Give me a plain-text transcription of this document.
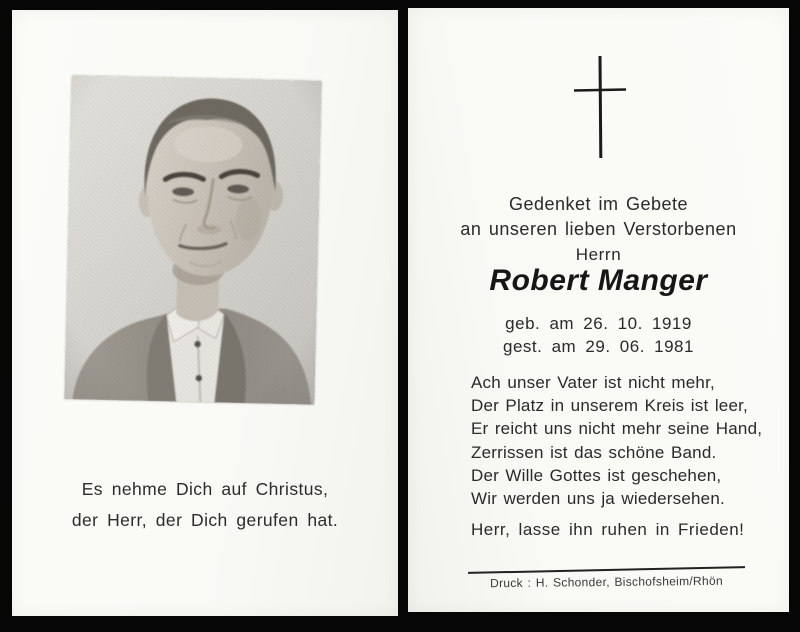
Es nehme Dich auf Christus,
der Herr, der Dich gerufen hat.
Gedenket im Gebete
an unseren lieben Verstorbenen
Herrn
Robert Manger
geb. am 26. 10. 1919
gest. am 29. 06. 1981
Ach unser Vater ist nicht mehr,
Der Platz in unserem Kreis ist leer,
Er reicht uns nicht mehr seine Hand,
Zerrissen ist das schöne Band.
Der Wille Gottes ist geschehen,
Wir werden uns ja wiedersehen.
Herr, lasse ihn ruhen in Frieden!
Druck : H. Schonder, Bischofsheim/Rhön
